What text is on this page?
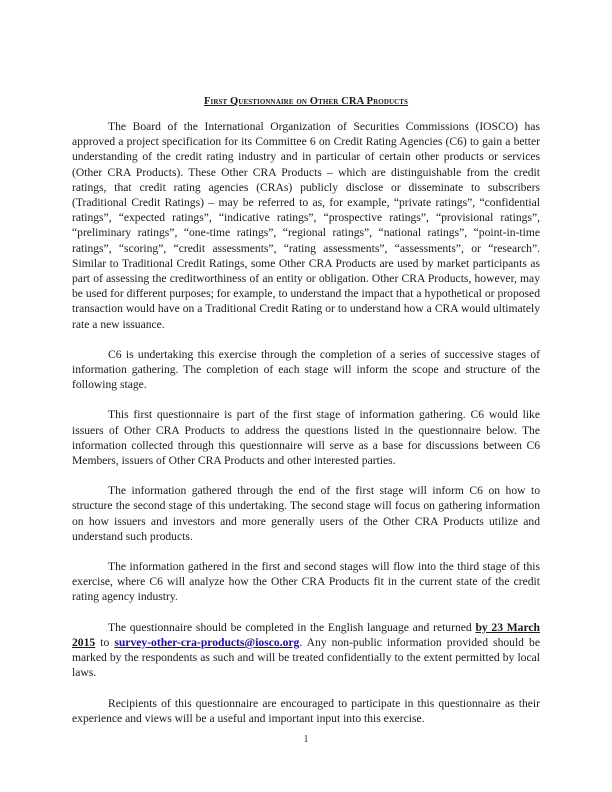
First Questionnaire on Other CRA Products

The Board of the International Organization of Securities Commissions (IOSCO) has approved a project specification for its Committee 6 on Credit Rating Agencies (C6) to gain a better understanding of the credit rating industry and in particular of certain other products or services (Other CRA Products). These Other CRA Products – which are distinguishable from the credit ratings, that credit rating agencies (CRAs) publicly disclose or disseminate to subscribers (Traditional Credit Ratings) – may be referred to as, for example, “private ratings”, “confidential ratings”, “expected ratings”, “indicative ratings”, “prospective ratings”, “provisional ratings”, “preliminary ratings”, “one-time ratings”, “regional ratings”, “national ratings”, “point-in-time ratings”, “scoring”, “credit assessments”, “rating assessments”, “assessments”, or “research”. Similar to Traditional Credit Ratings, some Other CRA Products are used by market participants as part of assessing the creditworthiness of an entity or obligation. Other CRA Products, however, may be used for different purposes; for example, to understand the impact that a hypothetical or proposed transaction would have on a Traditional Credit Rating or to understand how a CRA would ultimately rate a new issuance.

C6 is undertaking this exercise through the completion of a series of successive stages of information gathering. The completion of each stage will inform the scope and structure of the following stage.

This first questionnaire is part of the first stage of information gathering. C6 would like issuers of Other CRA Products to address the questions listed in the questionnaire below. The information collected through this questionnaire will serve as a base for discussions between C6 Members, issuers of Other CRA Products and other interested parties.

The information gathered through the end of the first stage will inform C6 on how to structure the second stage of this undertaking. The second stage will focus on gathering information on how issuers and investors and more generally users of the Other CRA Products utilize and understand such products.

The information gathered in the first and second stages will flow into the third stage of this exercise, where C6 will analyze how the Other CRA Products fit in the current state of the credit rating agency industry.

The questionnaire should be completed in the English language and returned by 23 March 2015 to survey-other-cra-products@iosco.org. Any non-public information provided should be marked by the respondents as such and will be treated confidentially to the extent permitted by local laws.

Recipients of this questionnaire are encouraged to participate in this questionnaire as their experience and views will be a useful and important input into this exercise.

1
